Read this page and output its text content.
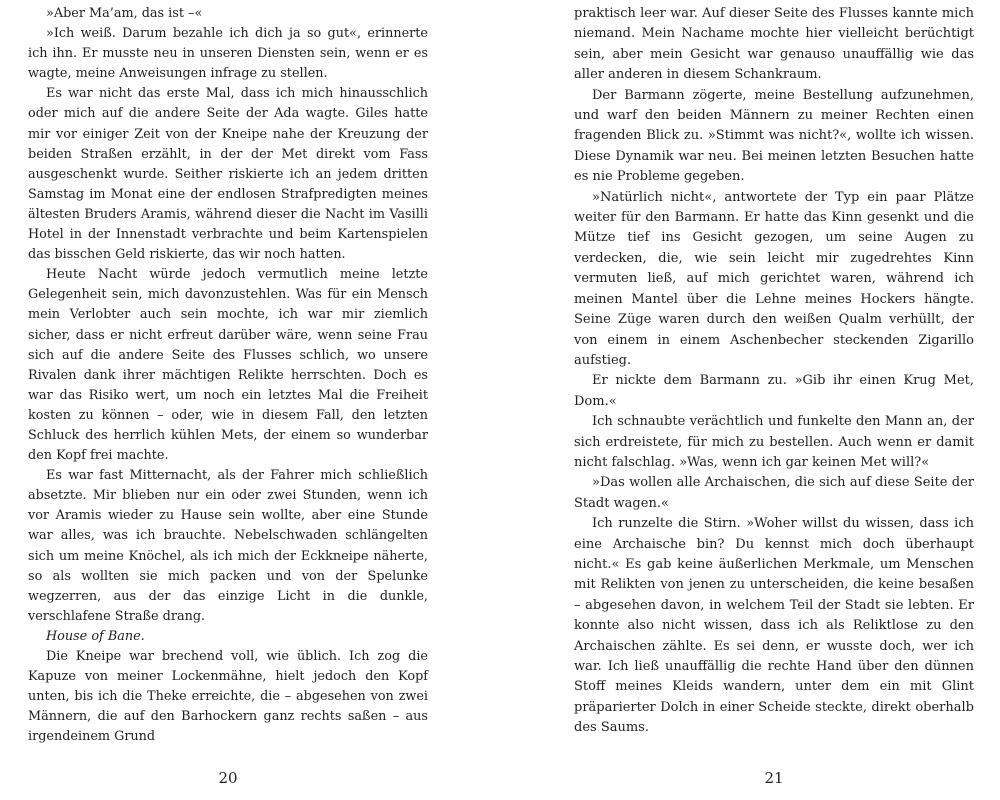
»Aber Ma’am, das ist –«

»Ich weiß. Darum bezahle ich dich ja so gut«, erinnerte ich ihn. Er musste neu in unseren Diensten sein, wenn er es wagte, meine Anweisungen infrage zu stellen.

Es war nicht das erste Mal, dass ich mich hinausschlich oder mich auf die andere Seite der Ada wagte. Giles hatte mir vor einiger Zeit von der Kneipe nahe der Kreuzung der beiden Straßen erzählt, in der der Met direkt vom Fass ausgeschenkt wurde. Seither riskierte ich an jedem dritten Samstag im Monat eine der endlosen Strafpredigten meines ältesten Bruders Aramis, während dieser die Nacht im Vasilli Hotel in der Innenstadt verbrachte und beim Kartenspielen das bisschen Geld riskierte, das wir noch hatten.

Heute Nacht würde jedoch vermutlich meine letzte Gelegenheit sein, mich davonzustehlen. Was für ein Mensch mein Verlobter auch sein mochte, ich war mir ziemlich sicher, dass er nicht erfreut darüber wäre, wenn seine Frau sich auf die andere Seite des Flusses schlich, wo unsere Rivalen dank ihrer mächtigen Relikte herrschten. Doch es war das Risiko wert, um noch ein letztes Mal die Freiheit kosten zu können – oder, wie in diesem Fall, den letzten Schluck des herrlich kühlen Mets, der einem so wunderbar den Kopf frei machte.

Es war fast Mitternacht, als der Fahrer mich schließlich absetzte. Mir blieben nur ein oder zwei Stunden, wenn ich vor Aramis wieder zu Hause sein wollte, aber eine Stunde war alles, was ich brauchte. Nebelschwaden schlängelten sich um meine Knöchel, als ich mich der Eckkneipe näherte, so als wollten sie mich packen und von der Spelunke wegzerren, aus der das einzige Licht in die dunkle, verschlafene Straße drang.

House of Bane.

Die Kneipe war brechend voll, wie üblich. Ich zog die Kapuze von meiner Lockenmähne, hielt jedoch den Kopf unten, bis ich die Theke erreichte, die – abgesehen von zwei Männern, die auf den Barhockern ganz rechts saßen – aus irgendeinem Grund

20

praktisch leer war. Auf dieser Seite des Flusses kannte mich niemand. Mein Nachame mochte hier vielleicht berüchtigt sein, aber mein Gesicht war genauso unauffällig wie das aller anderen in diesem Schankraum.

Der Barmann zögerte, meine Bestellung aufzunehmen, und warf den beiden Männern zu meiner Rechten einen fragenden Blick zu. »Stimmt was nicht?«, wollte ich wissen. Diese Dynamik war neu. Bei meinen letzten Besuchen hatte es nie Probleme gegeben.

»Natürlich nicht«, antwortete der Typ ein paar Plätze weiter für den Barmann. Er hatte das Kinn gesenkt und die Mütze tief ins Gesicht gezogen, um seine Augen zu verdecken, die, wie sein leicht mir zugedrehtes Kinn vermuten ließ, auf mich gerichtet waren, während ich meinen Mantel über die Lehne meines Hockers hängte. Seine Züge waren durch den weißen Qualm verhüllt, der von einem in einem Aschenbecher steckenden Zigarillo aufstieg.

Er nickte dem Barmann zu. »Gib ihr einen Krug Met, Dom.«

Ich schnaubte verächtlich und funkelte den Mann an, der sich erdreistete, für mich zu bestellen. Auch wenn er damit nicht falschlag. »Was, wenn ich gar keinen Met will?«

»Das wollen alle Archaischen, die sich auf diese Seite der Stadt wagen.«

Ich runzelte die Stirn. »Woher willst du wissen, dass ich eine Archaische bin? Du kennst mich doch überhaupt nicht.« Es gab keine äußerlichen Merkmale, um Menschen mit Relikten von jenen zu unterscheiden, die keine besaßen – abgesehen davon, in welchem Teil der Stadt sie lebten. Er konnte also nicht wissen, dass ich als Reliktlose zu den Archaischen zählte. Es sei denn, er wusste doch, wer ich war. Ich ließ unauffällig die rechte Hand über den dünnen Stoff meines Kleids wandern, unter dem ein mit Glint präparierter Dolch in einer Scheide steckte, direkt oberhalb des Saums.

21
